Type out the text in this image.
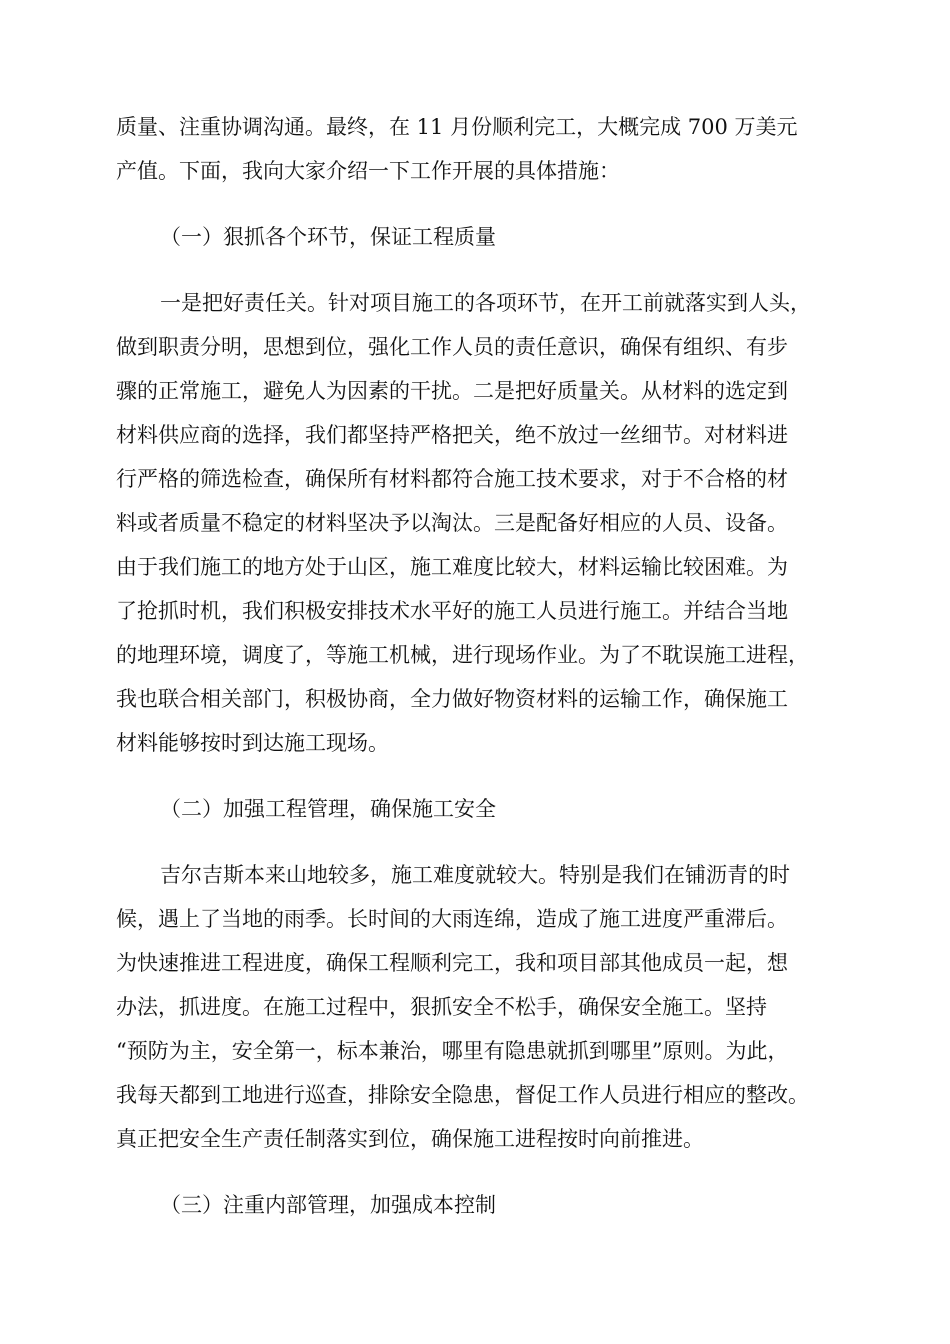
质量、注重协调沟通。最终，在 11 月份顺利完工，大概完成 700 万美元
产值。下面，我向大家介绍一下工作开展的具体措施：
（一）狠抓各个环节，保证工程质量
一是把好责任关。针对项目施工的各项环节，在开工前就落实到人头，
做到职责分明，思想到位，强化工作人员的责任意识，确保有组织、有步
骤的正常施工，避免人为因素的干扰。二是把好质量关。从材料的选定到
材料供应商的选择，我们都坚持严格把关，绝不放过一丝细节。对材料进
行严格的筛选检查，确保所有材料都符合施工技术要求，对于不合格的材
料或者质量不稳定的材料坚决予以淘汰。三是配备好相应的人员、设备。
由于我们施工的地方处于山区，施工难度比较大，材料运输比较困难。为
了抢抓时机，我们积极安排技术水平好的施工人员进行施工。并结合当地
的地理环境，调度了，等施工机械，进行现场作业。为了不耽误施工进程，
我也联合相关部门，积极协商，全力做好物资材料的运输工作，确保施工
材料能够按时到达施工现场。
（二）加强工程管理，确保施工安全
吉尔吉斯本来山地较多，施工难度就较大。特别是我们在铺沥青的时
候，遇上了当地的雨季。长时间的大雨连绵，造成了施工进度严重滞后。
为快速推进工程进度，确保工程顺利完工，我和项目部其他成员一起，想
办法，抓进度。在施工过程中，狠抓安全不松手，确保安全施工。坚持
“预防为主，安全第一，标本兼治，哪里有隐患就抓到哪里”原则。为此，
我每天都到工地进行巡查，排除安全隐患，督促工作人员进行相应的整改。
真正把安全生产责任制落实到位，确保施工进程按时向前推进。
（三）注重内部管理，加强成本控制
